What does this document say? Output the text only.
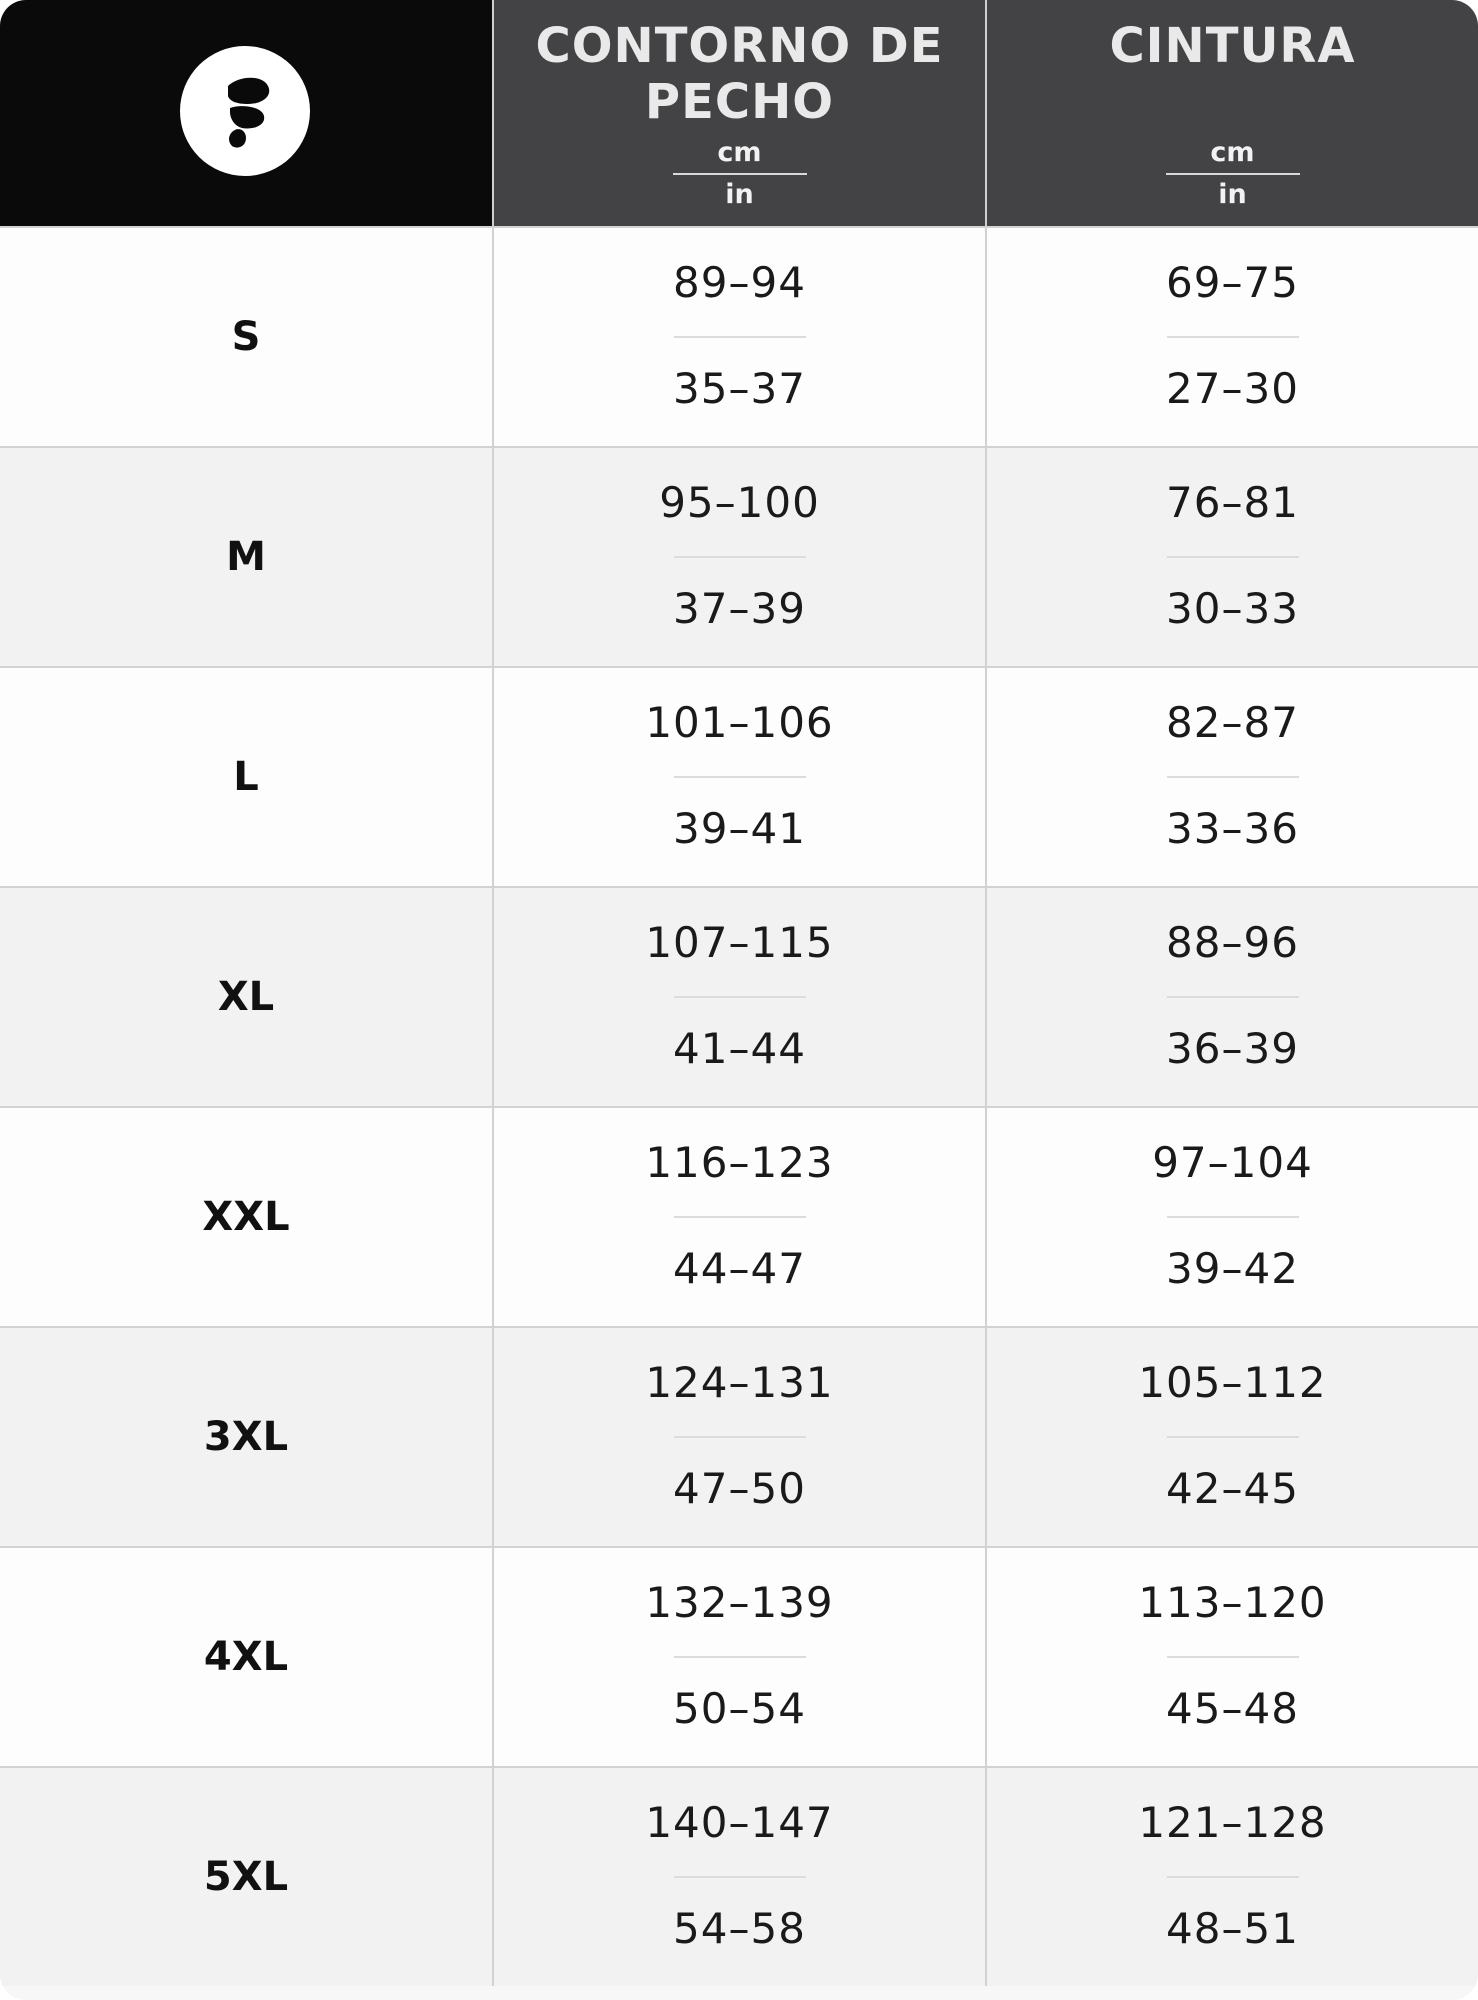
CONTORNO DE PECHO
cm
in
CINTURA
cm
in
S
89–94
35–37
69–75
27–30
M
95–100
37–39
76–81
30–33
L
101–106
39–41
82–87
33–36
XL
107–115
41–44
88–96
36–39
XXL
116–123
44–47
97–104
39–42
3XL
124–131
47–50
105–112
42–45
4XL
132–139
50–54
113–120
45–48
5XL
140–147
54–58
121–128
48–51
